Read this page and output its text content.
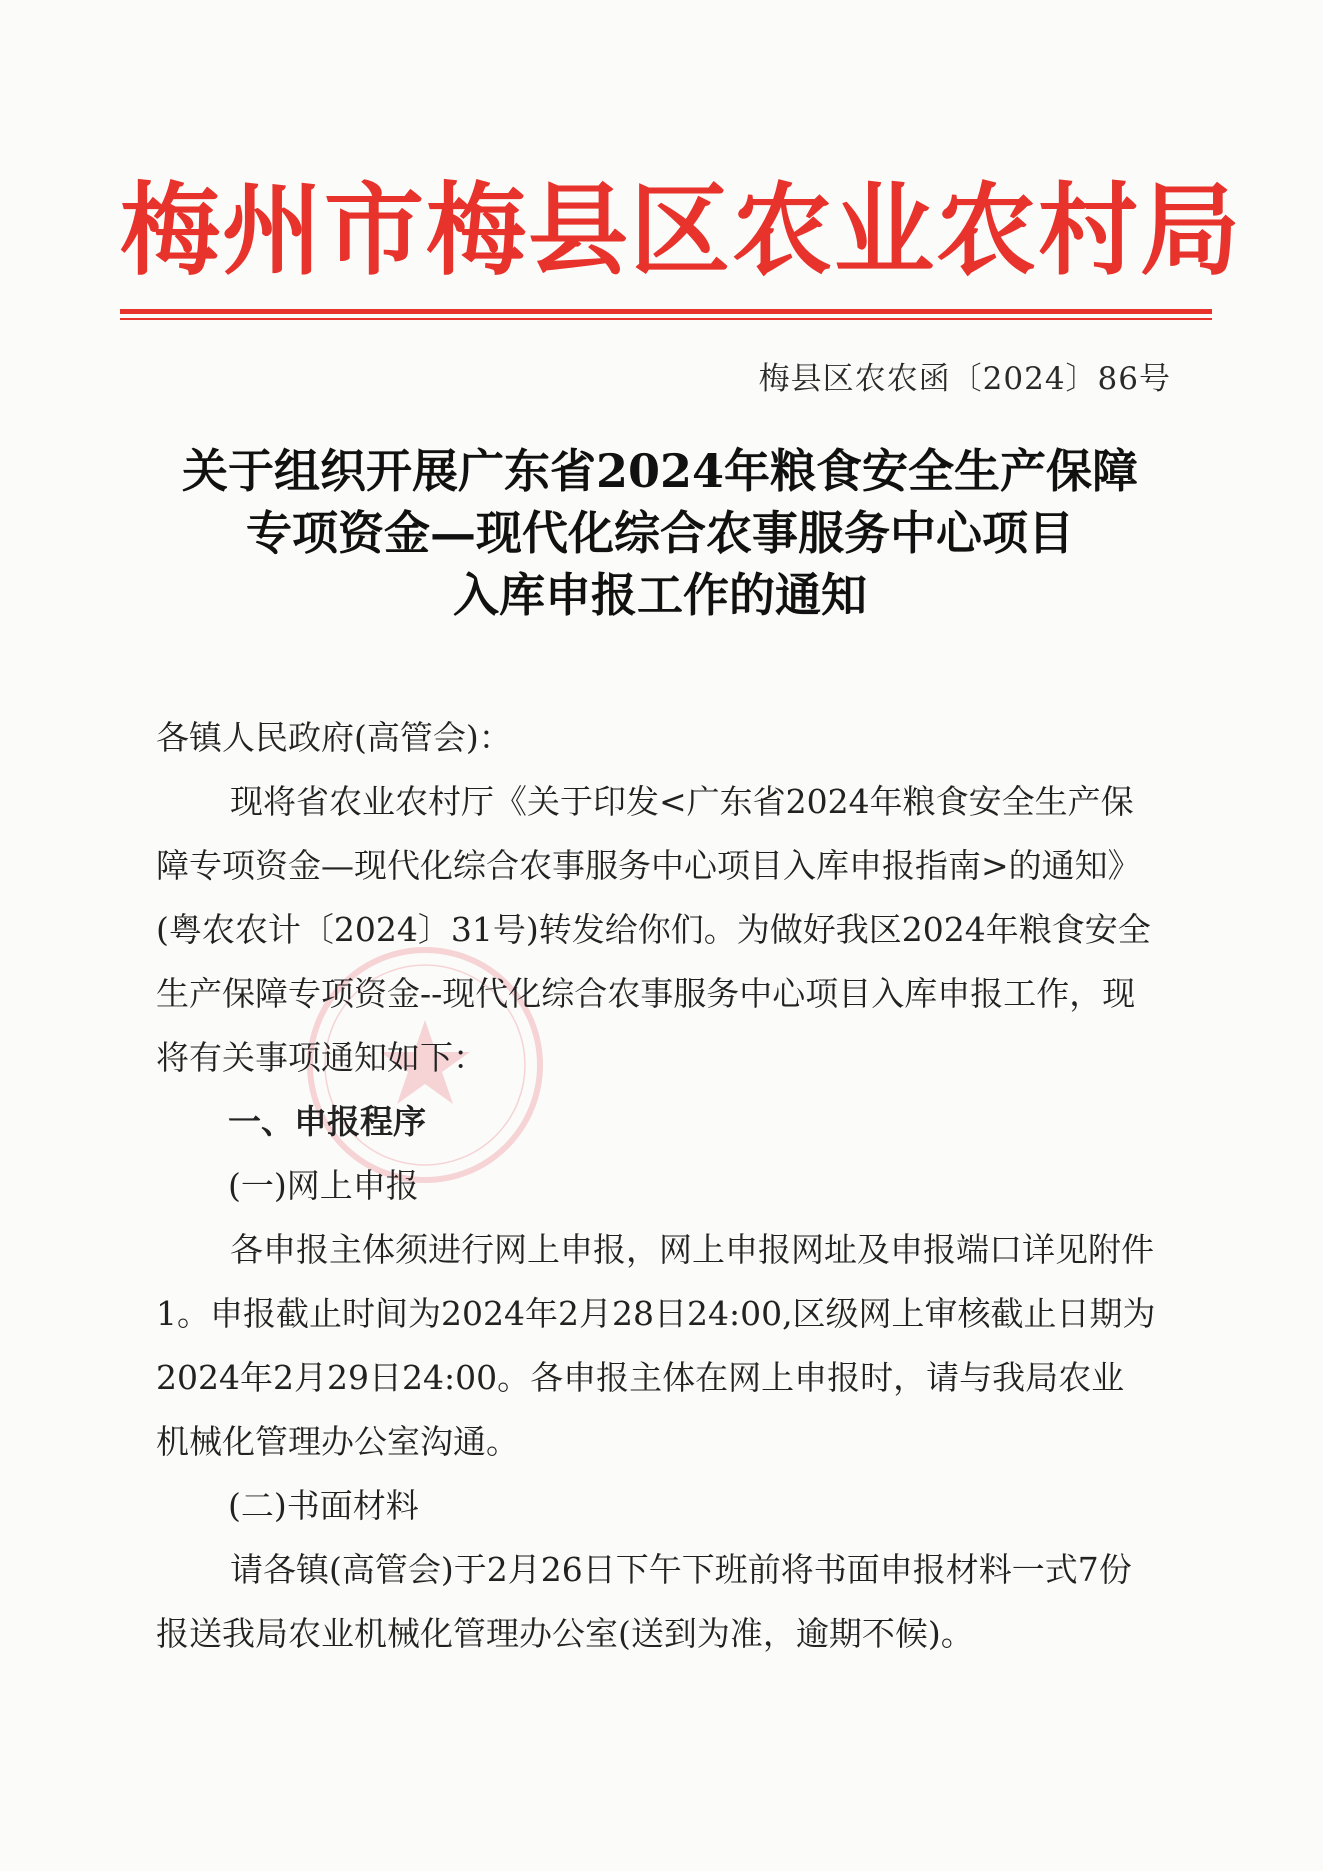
梅州市梅县区农业农村局
梅县区农农函〔2024〕86号
关于组织开展广东省2024年粮食安全生产保障
专项资金—现代化综合农事服务中心项目
入库申报工作的通知

各镇人民政府(高管会)：

现将省农业农村厅《关于印发<广东省2024年粮食安全生产保障专项资金—现代化综合农事服务中心项目入库申报指南>的通知》(粤农农计〔2024〕31号)转发给你们。为做好我区2024年粮食安全生产保障专项资金--现代化综合农事服务中心项目入库申报工作，现将有关事项通知如下：

一、申报程序

(一)网上申报

各申报主体须进行网上申报，网上申报网址及申报端口详见附件1。申报截止时间为2024年2月28日24:00,区级网上审核截止日期为2024年2月29日24:00。各申报主体在网上申报时，请与我局农业机械化管理办公室沟通。

(二)书面材料

请各镇(高管会)于2月26日下午下班前将书面申报材料一式7份报送我局农业机械化管理办公室(送到为准，逾期不候)。
